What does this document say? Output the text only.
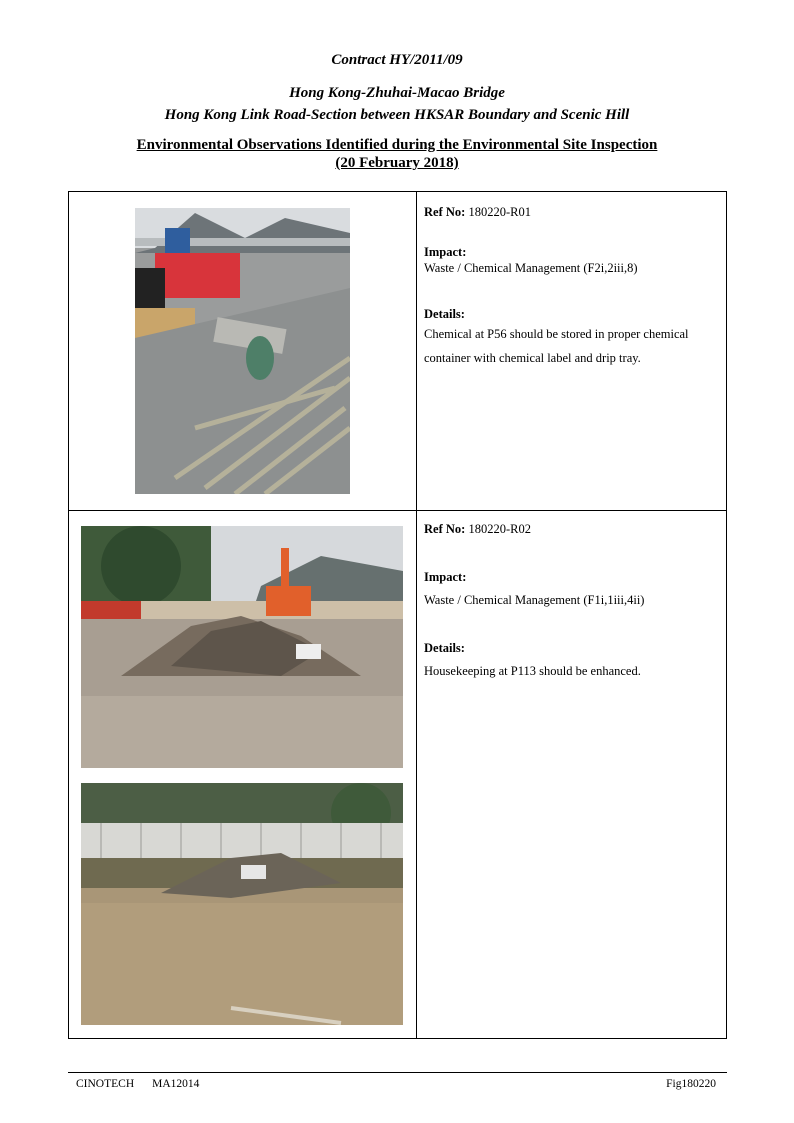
Contract HY/2011/09
Hong Kong-Zhuhai-Macao Bridge
Hong Kong Link Road-Section between HKSAR Boundary and Scenic Hill
Environmental Observations Identified during the Environmental Site Inspection
(20 February 2018)

Ref No: 180220-R01

Impact:

Waste / Chemical Management (F2i,2iii,8)

Details:

Chemical at P56 should be stored in proper chemical

container with chemical label and drip tray.

Ref No: 180220-R02

Impact:

Waste / Chemical Management (F1i,1iii,4ii)

Details:

Housekeeping at P113 should be enhanced.

CINOTECH MA12014	Fig180220
